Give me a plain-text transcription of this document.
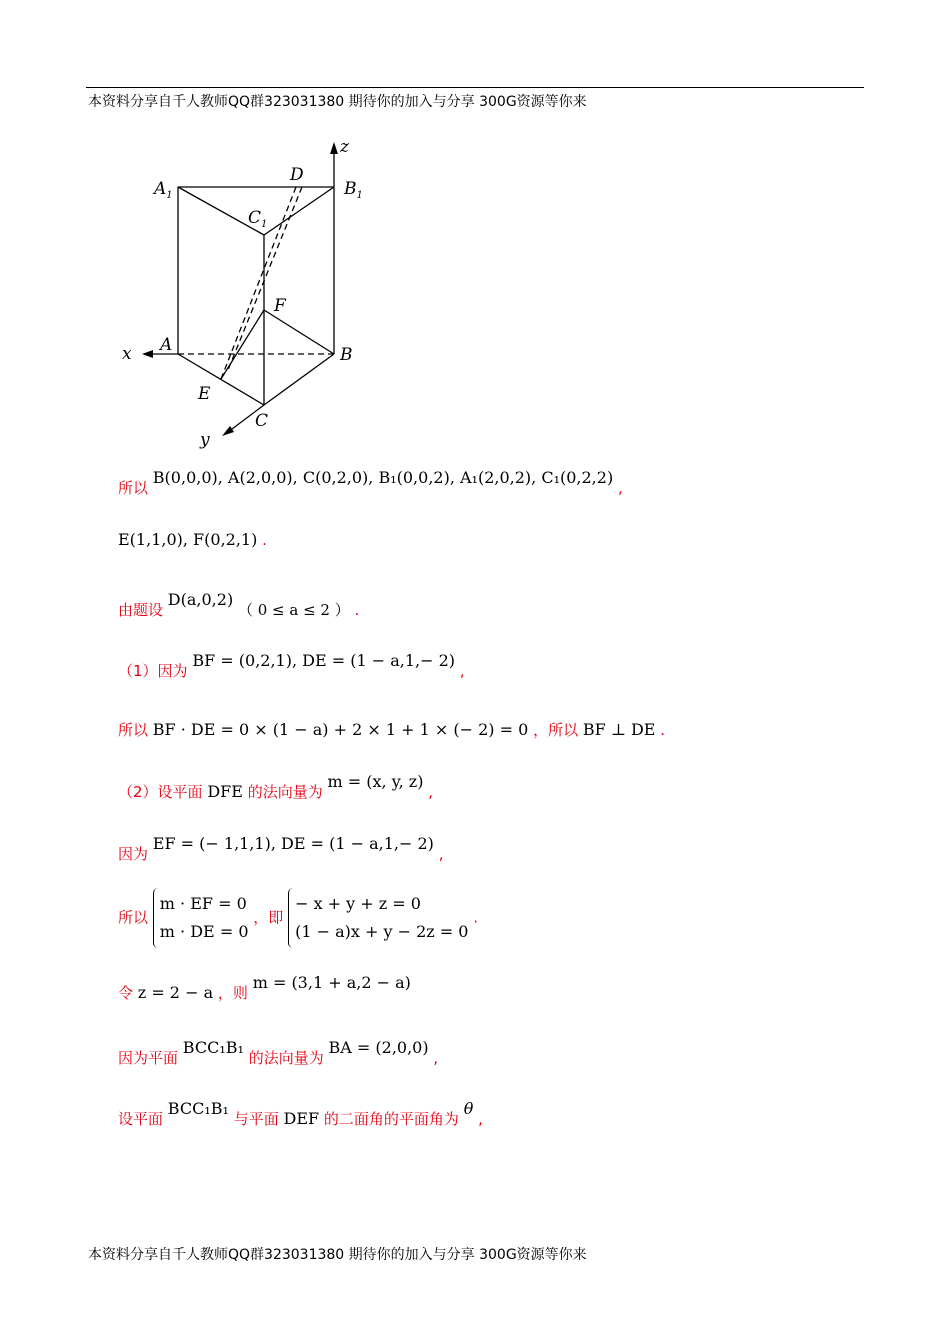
本资料分享自千人教师QQ群323031380 期待你的加入与分享 300G资源等你来
$A_1$
D
$B_1$
$C_1$
F
A	B
E
C
x
y
z
所以 B(0,0,0), A(2,0,0), C(0,2,0), B₁(0,0,2), A₁(2,0,2), C₁(0,2,2) ,
E(1,1,0), F(0,2,1) .
由题设 D(a,0,2) （ 0 ≤ a ≤ 2 ） .
（1）因为 BF = (0,2,1), DE = (1 − a,1,− 2) ,
所以 BF · DE = 0 × (1 − a) + 2 × 1 + 1 × (− 2) = 0 ，所以 BF ⊥ DE .
（2）设平面 DFE 的法向量为 m = (x, y, z) ,
因为 EF = (− 1,1,1), DE = (1 − a,1,− 2) ,
所以
m · EF = 0
m · DE = 0
，即
− x + y + z = 0
(1 − a)x + y − 2z = 0
.
令 z = 2 − a ，则 m = (3,1 + a,2 − a)
因为平面 BCC₁B₁ 的法向量为 BA = (2,0,0) ,
设平面 BCC₁B₁ 与平面 DEF 的二面角的平面角为 θ ,
本资料分享自千人教师QQ群323031380 期待你的加入与分享 300G资源等你来
